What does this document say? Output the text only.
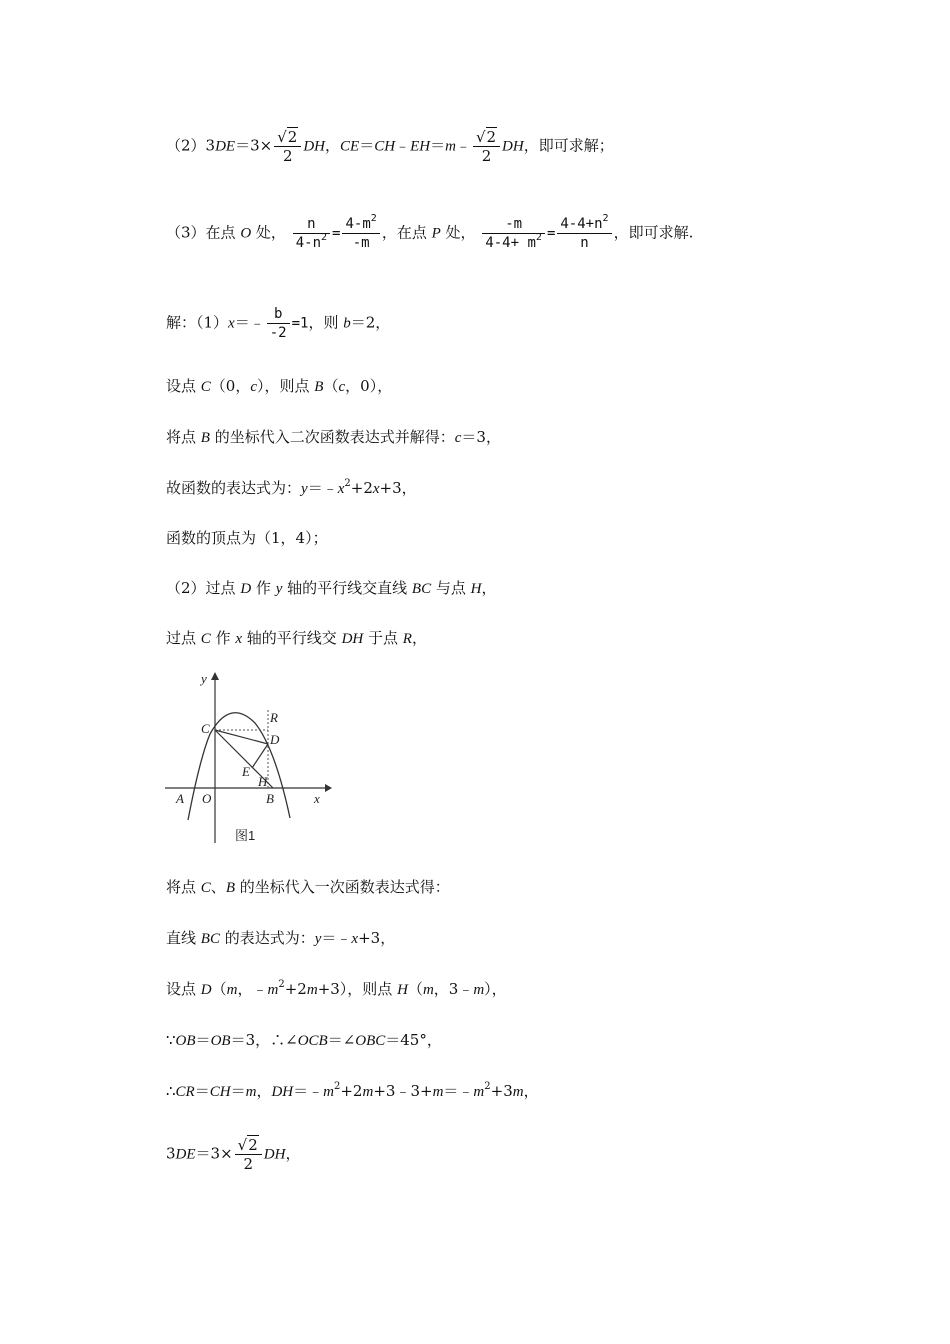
$(2)3DE=3\times \frac{√2}{2}$ DH，CE＝CH﹣EH＝m﹣ $\frac{√2}{2}$ DH，即可求解；
（3）在点 O 处， $\frac{n}{4-n^2} = \frac{4-m^2}{-m}$ ，在点 P 处， $\frac{-m}{4-4+ m^2} = \frac{4-4+n^2}{n}$ ，即可求解.
解：（1）x＝﹣ $\frac{b}{-2} =1$，则 b＝2，
设点 C（0，c），则点 B（c，0），
将点 B 的坐标代入二次函数表达式并解得：c＝3，
故函数的表达式为：$y=﹣x^2+2x+3$，
函数的顶点为（1，4）；
（2）过点 D 作 y 轴的平行线交直线 BC 与点 H，
过点 C 作 x 轴的平行线交 DH 于点 R，
y
x
C
R
D
E
H
A O	B
图1
将点 C、B 的坐标代入一次函数表达式得：
直线 BC 的表达式为：y＝﹣x+3，
设点 D（m，$﹣m^2+2m+3$），则点 H（m，3﹣m），
∵OB＝OB＝3，∴∠OCB＝∠OBC＝45°，
∴CR＝CH＝m，$DH=﹣m^2+2m+3﹣3+m=﹣m^2+3m$，
$3DE=3\times \frac{√2}{2}$ DH，
